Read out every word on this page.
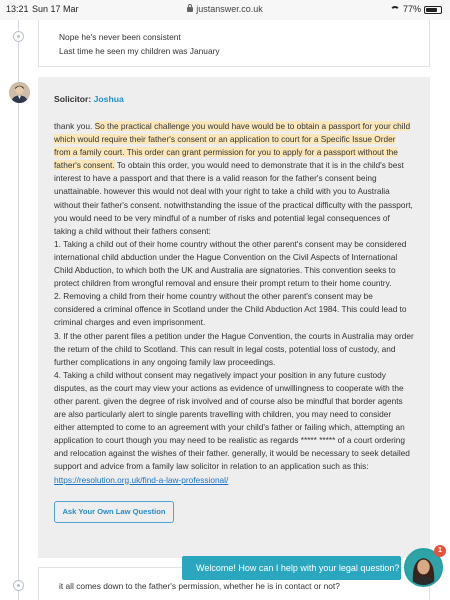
13:21 Sun 17 Mar	justanswer.co.uk	77%

Nope he's never been consistent

Last time he seen my children was January

Solicitor: Joshua
thank you. So the practical challenge you would have would be to obtain a passport for your child which would require their father's consent or an application to court for a Specific Issue Order from a family court. This order can grant permission for you to apply for a passport without the father's consent. To obtain this order, you would need to demonstrate that it is in the child's best interest to have a passport and that there is a valid reason for the father's consent being unattainable. however this would not deal with your right to take a child with you to Australia without their father's consent. notwithstanding the issue of the practical difficulty with the passport, you would need to be very mindful of a number of risks and potential legal consequences of taking a child without their fathers consent:
1. Taking a child out of their home country without the other parent's consent may be considered international child abduction under the Hague Convention on the Civil Aspects of International Child Abduction, to which both the UK and Australia are signatories. This convention seeks to protect children from wrongful removal and ensure their prompt return to their home country.
2. Removing a child from their home country without the other parent's consent may be considered a criminal offence in Scotland under the Child Abduction Act 1984. This could lead to criminal charges and even imprisonment.
3. If the other parent files a petition under the Hague Convention, the courts in Australia may order the return of the child to Scotland. This can result in legal costs, potential loss of custody, and further complications in any ongoing family law proceedings.
4. Taking a child without consent may negatively impact your position in any future custody disputes, as the court may view your actions as evidence of unwillingness to cooperate with the other parent. given the degree of risk involved and of course also be mindful that border agents are also particularly alert to single parents travelling with children, you may need to consider either attempted to come to an agreement with your child's father or failing which, attempting an application to court though you may need to be realistic as regards ***** ***** of a court ordering and relocation against the wishes of their father. generally, it would be necessary to seek detailed support and advice from a family law solicitor in relation to an application such as this:
https://resolution.org.uk/find-a-law-professional/
Ask Your Own Law Question

it all comes down to the father's permission, whether he is in contact or not?

Welcome! How can I help with your legal question?
1
